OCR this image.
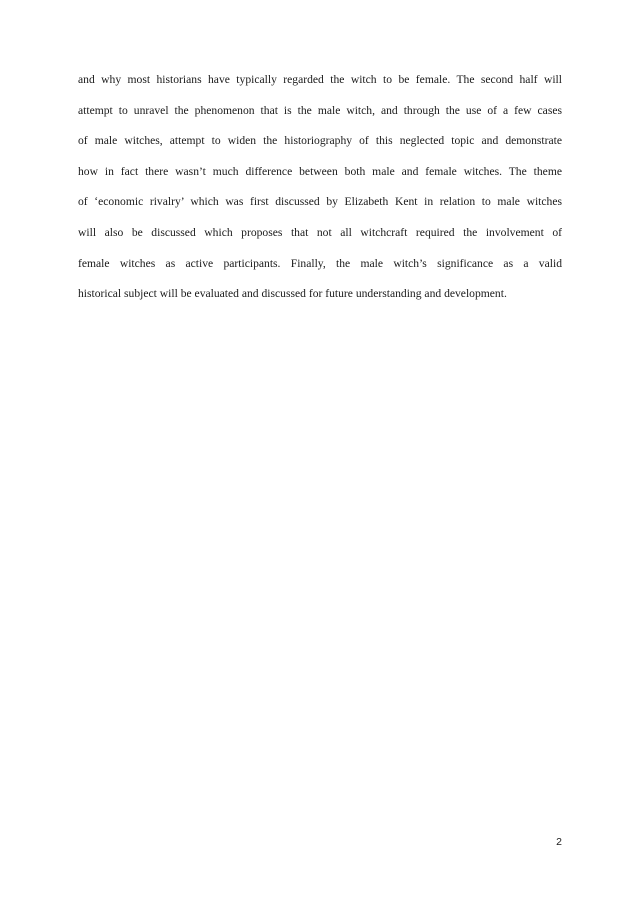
and why most historians have typically regarded the witch to be female. The second half will
attempt to unravel the phenomenon that is the male witch, and through the use of a few cases
of male witches, attempt to widen the historiography of this neglected topic and demonstrate
how in fact there wasn’t much difference between both male and female witches. The theme
of ‘economic rivalry’ which was first discussed by Elizabeth Kent in relation to male witches
will also be discussed which proposes that not all witchcraft required the involvement of
female witches as active participants. Finally, the male witch’s significance as a valid
historical subject will be evaluated and discussed for future understanding and development.
2
